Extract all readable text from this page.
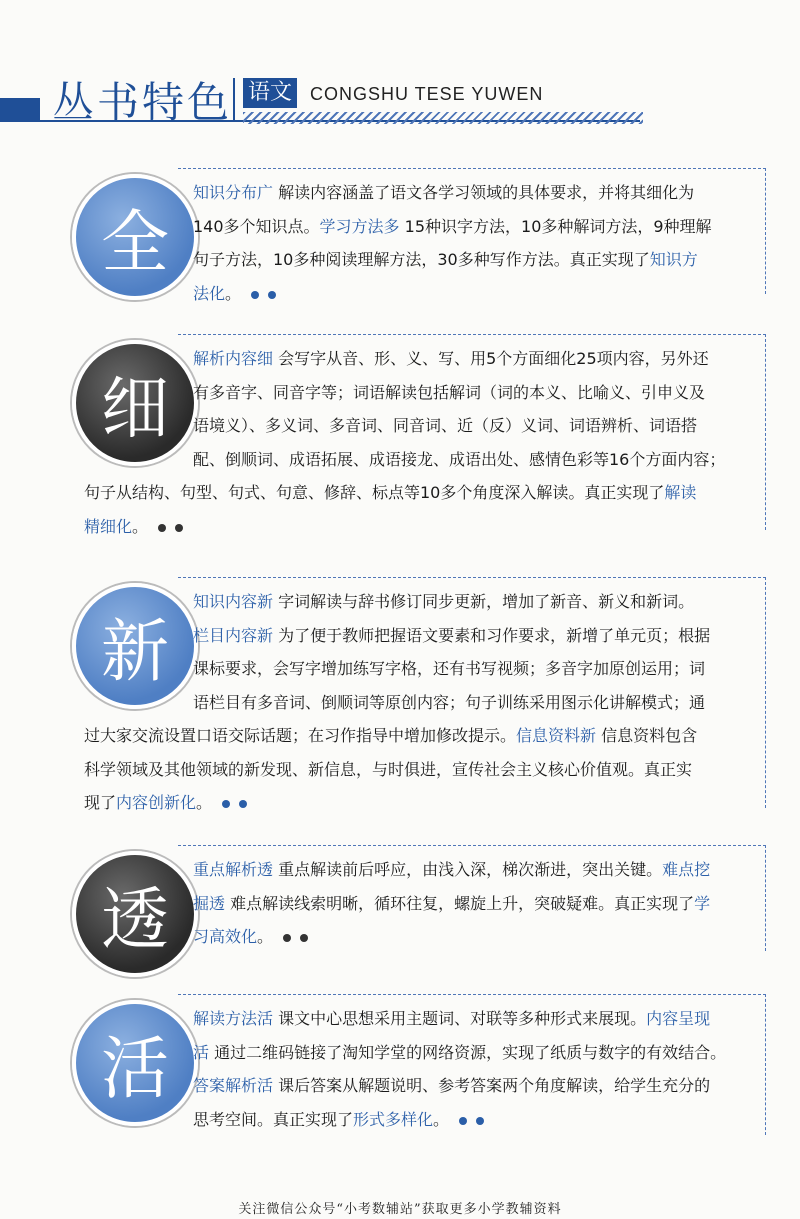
丛书特色 语文 CONGSHU TESE YUWEN
全
知识分布广 解读内容涵盖了语文各学习领域的具体要求，并将其细化为
140多个知识点。学习方法多 15种识字方法，10多种解词方法，9种理解
句子方法，10多种阅读理解方法，30多种写作方法。真正实现了知识方
法化。
细
解析内容细 会写字从音、形、义、写、用5个方面细化25项内容，另外还
有多音字、同音字等；词语解读包括解词（词的本义、比喻义、引申义及
语境义）、多义词、多音词、同音词、近（反）义词、词语辨析、词语搭
配、倒顺词、成语拓展、成语接龙、成语出处、感情色彩等16个方面内容；
句子从结构、句型、句式、句意、修辞、标点等10多个角度深入解读。真正实现了解读
精细化。
新
知识内容新 字词解读与辞书修订同步更新，增加了新音、新义和新词。
栏目内容新 为了便于教师把握语文要素和习作要求，新增了单元页；根据
课标要求，会写字增加练写字格，还有书写视频；多音字加原创运用；词
语栏目有多音词、倒顺词等原创内容；句子训练采用图示化讲解模式；通
过大家交流设置口语交际话题；在习作指导中增加修改提示。信息资料新 信息资料包含
科学领域及其他领域的新发现、新信息，与时俱进，宣传社会主义核心价值观。真正实
现了内容创新化。
透
重点解析透 重点解读前后呼应，由浅入深，梯次渐进，突出关键。难点挖
掘透 难点解读线索明晰，循环往复，螺旋上升，突破疑难。真正实现了学
习高效化。
活
解读方法活 课文中心思想采用主题词、对联等多种形式来展现。内容呈现
活 通过二维码链接了淘知学堂的网络资源，实现了纸质与数字的有效结合。
答案解析活 课后答案从解题说明、参考答案两个角度解读，给学生充分的
思考空间。真正实现了形式多样化。
关注微信公众号“小考数辅站”获取更多小学教辅资料
